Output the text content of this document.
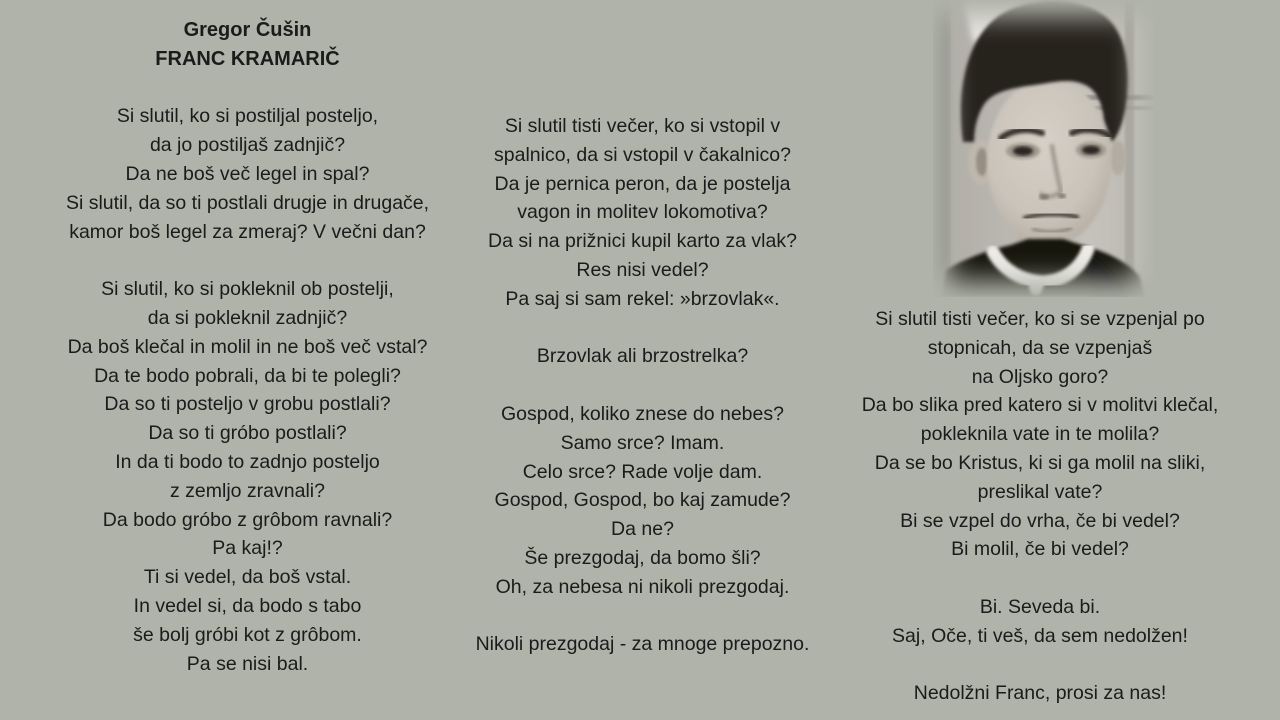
Gregor Čušin
FRANC KRAMARIČ
Si slutil, ko si postiljal posteljo,
da jo postiljaš zadnjič?
Da ne boš več legel in spal?
Si slutil, da so ti postlali drugje in drugače,
kamor boš legel za zmeraj? V večni dan?
Si slutil, ko si pokleknil ob postelji,
da si pokleknil zadnjič?
Da boš klečal in molil in ne boš več vstal?
Da te bodo pobrali, da bi te polegli?
Da so ti posteljo v grobu postlali?
Da so ti gróbo postlali?
In da ti bodo to zadnjo posteljo
z zemljo zravnali?
Da bodo gróbo z grôbom ravnali?
Pa kaj!?
Ti si vedel, da boš vstal.
In vedel si, da bodo s tabo
še bolj gróbi kot z grôbom.
Pa se nisi bal.
Si slutil tisti večer, ko si vstopil v
spalnico, da si vstopil v čakalnico?
Da je pernica peron, da je postelja
vagon in molitev lokomotiva?
Da si na prižnici kupil karto za vlak?
Res nisi vedel?
Pa saj si sam rekel: »brzovlak«.
Brzovlak ali brzostrelka?
Gospod, koliko znese do nebes?
Samo srce? Imam.
Celo srce? Rade volje dam.
Gospod, Gospod, bo kaj zamude?
Da ne?
Še prezgodaj, da bomo šli?
Oh, za nebesa ni nikoli prezgodaj.
Nikoli prezgodaj - za mnoge prepozno.
Si slutil tisti večer, ko si se vzpenjal po
stopnicah, da se vzpenjaš
na Oljsko goro?
Da bo slika pred katero si v molitvi klečal,
pokleknila vate in te molila?
Da se bo Kristus, ki si ga molil na sliki,
preslikal vate?
Bi se vzpel do vrha, če bi vedel?
Bi molil, če bi vedel?
Bi. Seveda bi.
Saj, Oče, ti veš, da sem nedolžen!
Nedolžni Franc, prosi za nas!
